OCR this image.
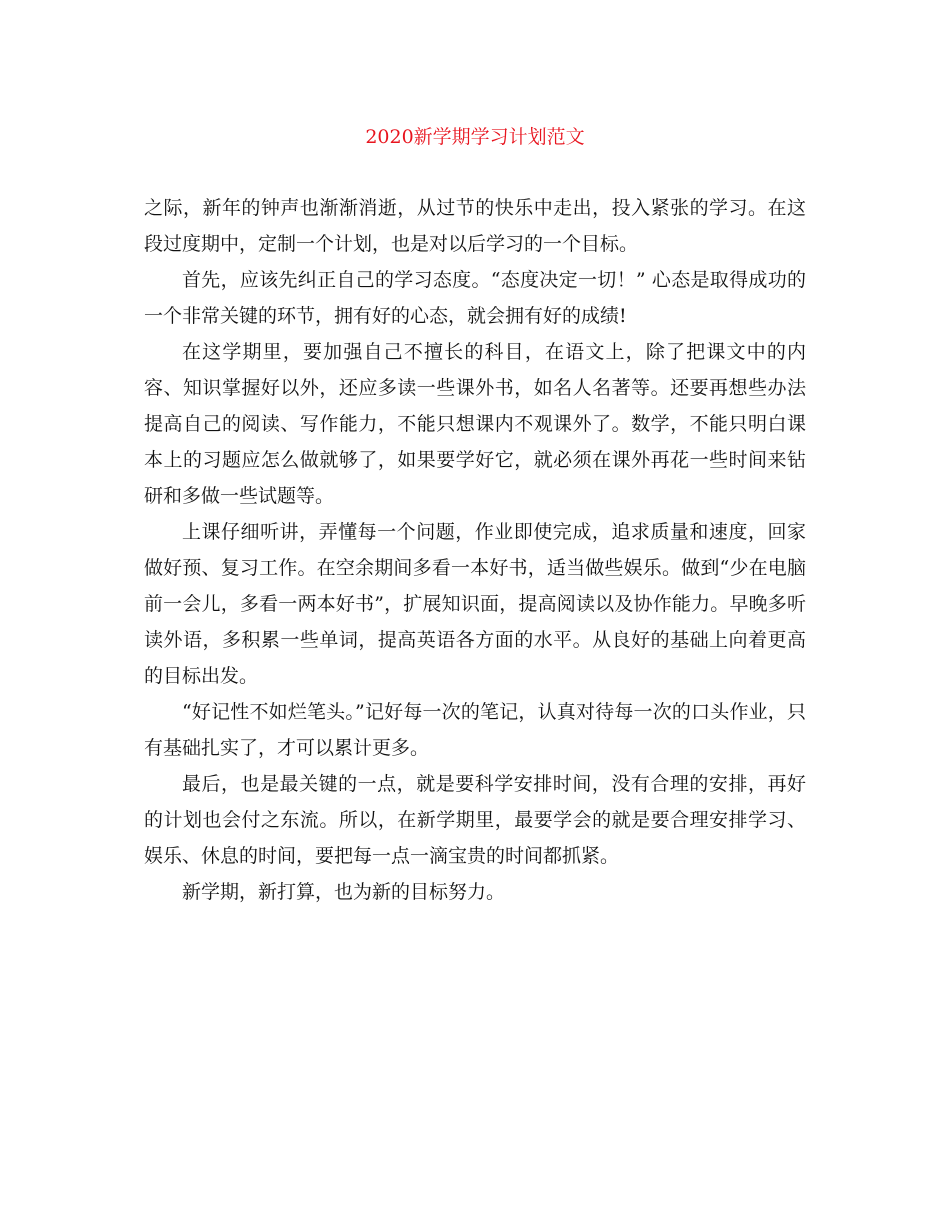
2020新学期学习计划范文

之际，新年的钟声也渐渐消逝，从过节的快乐中走出，投入紧张的学习。在这段过度期中，定制一个计划，也是对以后学习的一个目标。

首先，应该先纠正自己的学习态度。“态度决定一切！” 心态是取得成功的一个非常关键的环节，拥有好的心态，就会拥有好的成绩!

在这学期里，要加强自己不擅长的科目，在语文上，除了把课文中的内容、知识掌握好以外，还应多读一些课外书，如名人名著等。还要再想些办法提高自己的阅读、写作能力，不能只想课内不观课外了。数学，不能只明白课本上的习题应怎么做就够了，如果要学好它，就必须在课外再花一些时间来钻研和多做一些试题等。

上课仔细听讲，弄懂每一个问题，作业即使完成，追求质量和速度，回家做好预、复习工作。在空余期间多看一本好书，适当做些娱乐。做到“少在电脑前一会儿，多看一两本好书”，扩展知识面，提高阅读以及协作能力。早晚多听读外语，多积累一些单词，提高英语各方面的水平。从良好的基础上向着更高的目标出发。

“好记性不如烂笔头。”记好每一次的笔记，认真对待每一次的口头作业，只有基础扎实了，才可以累计更多。

最后，也是最关键的一点，就是要科学安排时间，没有合理的安排，再好的计划也会付之东流。所以，在新学期里，最要学会的就是要合理安排学习、娱乐、休息的时间，要把每一点一滴宝贵的时间都抓紧。

新学期，新打算，也为新的目标努力。
